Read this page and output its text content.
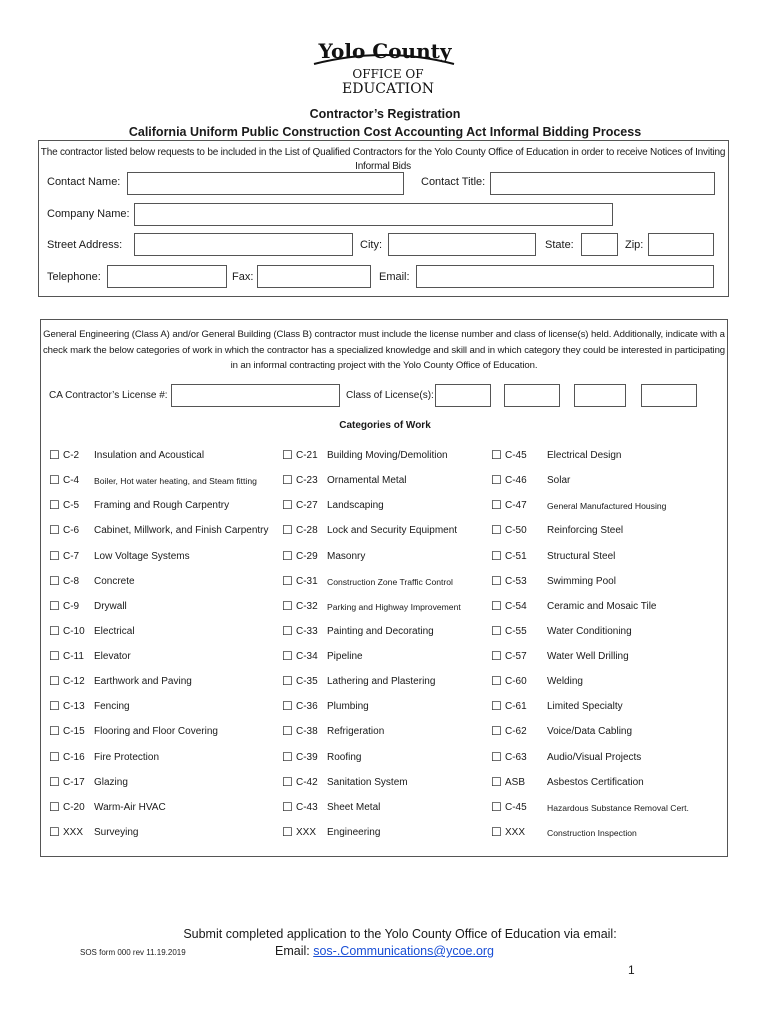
Yolo County
OFFICE OF
EDUCATION
Contractor’s Registration
California Uniform Public Construction Cost Accounting Act Informal Bidding Process
The contractor listed below requests to be included in the List of Qualified Contractors for the Yolo County Office of Education in order to receive Notices of Inviting Informal Bids
Contact Name:	Contact Title:
Company Name:
Street Address:	City:	State:	Zip:
Telephone:	Fax:	Email:
General Engineering (Class A) and/or General Building (Class B) contractor must include the license number and class of license(s) held. Additionally, indicate with a check mark the below categories of work in which the contractor has a specialized knowledge and skill and in which category they could be interested in participating in an informal contracting project with the Yolo County Office of Education.
CA Contractor’s License #:	Class of License(s):
Categories of Work
☐ C-2 Insulation and Acoustical
☐ C-4 Boiler, Hot water heating, and Steam fitting
☐ C-5 Framing and Rough Carpentry
☐ C-6 Cabinet, Millwork, and Finish Carpentry
☐ C-7 Low Voltage Systems
☐ C-8 Concrete
☐ C-9 Drywall
☐ C-10 Electrical
☐ C-11 Elevator
☐ C-12 Earthwork and Paving
☐ C-13 Fencing
☐ C-15 Flooring and Floor Covering
☐ C-16 Fire Protection
☐ C-17 Glazing
☐ C-20 Warm-Air HVAC
☐ XXX Surveying
☐ C-21 Building Moving/Demolition
☐ C-23 Ornamental Metal
☐ C-27 Landscaping
☐ C-28 Lock and Security Equipment
☐ C-29 Masonry
☐ C-31 Construction Zone Traffic Control
☐ C-32 Parking and Highway Improvement
☐ C-33 Painting and Decorating
☐ C-34 Pipeline
☐ C-35 Lathering and Plastering
☐ C-36 Plumbing
☐ C-38 Refrigeration
☐ C-39 Roofing
☐ C-42 Sanitation System
☐ C-43 Sheet Metal
☐ XXX Engineering
☐ C-45 Electrical Design
☐ C-46 Solar
☐ C-47 General Manufactured Housing
☐ C-50 Reinforcing Steel
☐ C-51 Structural Steel
☐ C-53 Swimming Pool
☐ C-54 Ceramic and Mosaic Tile
☐ C-55 Water Conditioning
☐ C-57 Water Well Drilling
☐ C-60 Welding
☐ C-61 Limited Specialty
☐ C-62 Voice/Data Cabling
☐ C-63 Audio/Visual Projects
☐ ASB Asbestos Certification
☐ C-45 Hazardous Substance Removal Cert.
☐ XXX	Construction Inspection
Submit completed application to the Yolo County Office of Education via email:
SOS form 000 rev 11.19.2019	Email: sos-.Communications@ycoe.org
1
